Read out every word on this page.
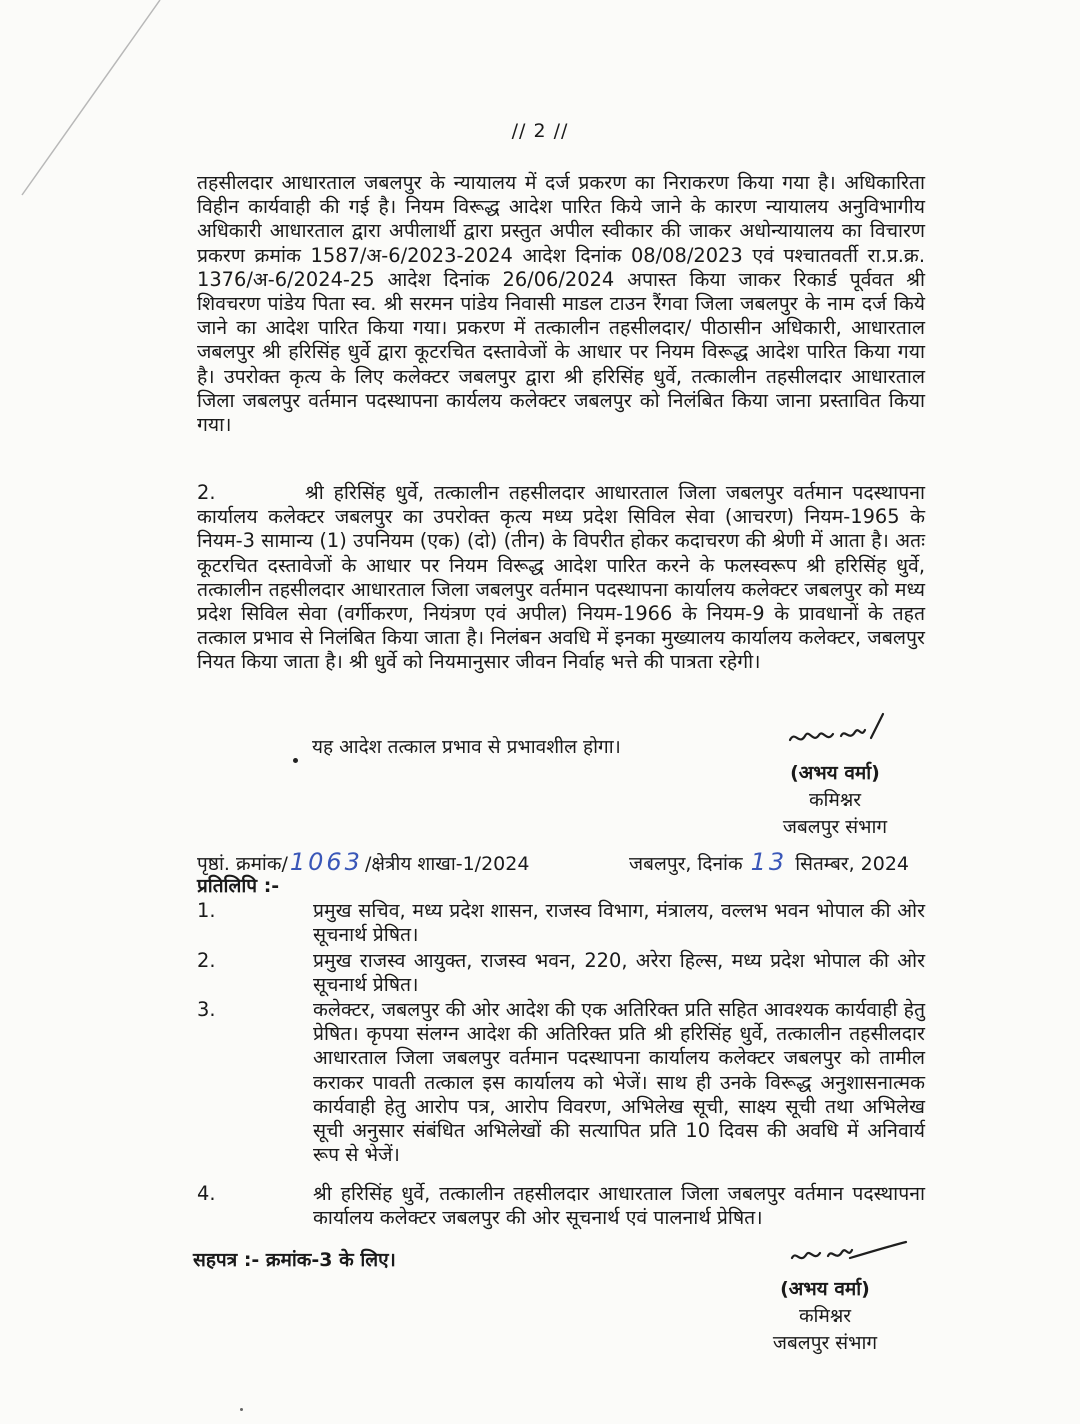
// 2 //
तहसीलदार आधारताल जबलपुर के न्यायालय में दर्ज प्रकरण का निराकरण किया गया है। अधिकारिता विहीन कार्यवाही की गई है। नियम विरूद्ध आदेश पारित किये जाने के कारण न्यायालय अनुविभागीय अधिकारी आधारताल द्वारा अपीलार्थी द्वारा प्रस्तुत अपील स्वीकार की जाकर अधोन्यायालय का विचारण प्रकरण क्रमांक 1587/अ-6/2023-2024 आदेश दिनांक 08/08/2023 एवं पश्चातवर्ती रा.प्र.क्र. 1376/अ-6/2024-25 आदेश दिनांक 26/06/2024 अपास्त किया जाकर रिकार्ड पूर्ववत श्री शिवचरण पांडेय पिता स्व. श्री सरमन पांडेय निवासी माडल टाउन रैंगवा जिला जबलपुर के नाम दर्ज किये जाने का आदेश पारित किया गया। प्रकरण में तत्कालीन तहसीलदार/ पीठासीन अधिकारी, आधारताल जबलपुर श्री हरिसिंह धुर्वे द्वारा कूटरचित दस्तावेजों के आधार पर नियम विरूद्ध आदेश पारित किया गया है। उपरोक्त कृत्य के लिए कलेक्टर जबलपुर द्वारा श्री हरिसिंह धुर्वे, तत्कालीन तहसीलदार आधारताल जिला जबलपुर वर्तमान पदस्थापना कार्यलय कलेक्टर जबलपुर को निलंबित किया जाना प्रस्तावित किया गया।
2.	श्री हरिसिंह धुर्वे, तत्कालीन तहसीलदार आधारताल जिला जबलपुर वर्तमान पदस्थापना कार्यालय कलेक्टर जबलपुर का उपरोक्त कृत्य मध्य प्रदेश सिविल सेवा (आचरण) नियम-1965 के नियम-3 सामान्य (1) उपनियम (एक) (दो) (तीन) के विपरीत होकर कदाचरण की श्रेणी में आता है। अतः कूटरचित दस्तावेजों के आधार पर नियम विरूद्ध आदेश पारित करने के फलस्वरूप श्री हरिसिंह धुर्वे, तत्कालीन तहसीलदार आधारताल जिला जबलपुर वर्तमान पदस्थापना कार्यालय कलेक्टर जबलपुर को मध्य प्रदेश सिविल सेवा (वर्गीकरण, नियंत्रण एवं अपील) नियम-1966 के नियम-9 के प्रावधानों के तहत तत्काल प्रभाव से निलंबित किया जाता है। निलंबन अवधि में इनका मुख्यालय कार्यालय कलेक्टर, जबलपुर नियत किया जाता है। श्री धुर्वे को नियमानुसार जीवन निर्वाह भत्ते की पात्रता रहेगी।
यह आदेश तत्काल प्रभाव से प्रभावशील होगा।
(अभय वर्मा)
कमिश्नर
जबलपुर संभाग
पृष्ठां. क्रमांक/1063 /क्षेत्रीय शाखा-1/2024	जबलपुर, दिनांक 13 सितम्बर, 2024
प्रतिलिपि :-
1.	प्रमुख सचिव, मध्य प्रदेश शासन, राजस्व विभाग, मंत्रालय, वल्लभ भवन भोपाल की ओर सूचनार्थ प्रेषित।
2.	प्रमुख राजस्व आयुक्त, राजस्व भवन, 220, अरेरा हिल्स, मध्य प्रदेश भोपाल की ओर सूचनार्थ प्रेषित।
3.	कलेक्टर, जबलपुर की ओर आदेश की एक अतिरिक्त प्रति सहित आवश्यक कार्यवाही हेतु प्रेषित। कृपया संलग्न आदेश की अतिरिक्त प्रति श्री हरिसिंह धुर्वे, तत्कालीन तहसीलदार आधारताल जिला जबलपुर वर्तमान पदस्थापना कार्यालय कलेक्टर जबलपुर को तामील कराकर पावती तत्काल इस कार्यालय को भेजें। साथ ही उनके विरूद्ध अनुशासनात्मक कार्यवाही हेतु आरोप पत्र, आरोप विवरण, अभिलेख सूची, साक्ष्य सूची तथा अभिलेख सूची अनुसार संबंधित अभिलेखों की सत्यापित प्रति 10 दिवस की अवधि में अनिवार्य रूप से भेजें।
4.	श्री हरिसिंह धुर्वे, तत्कालीन तहसीलदार आधारताल जिला जबलपुर वर्तमान पदस्थापना कार्यालय कलेक्टर जबलपुर की ओर सूचनार्थ एवं पालनार्थ प्रेषित।
सहपत्र :- क्रमांक-3 के लिए।
(अभय वर्मा)
कमिश्नर
जबलपुर संभाग
